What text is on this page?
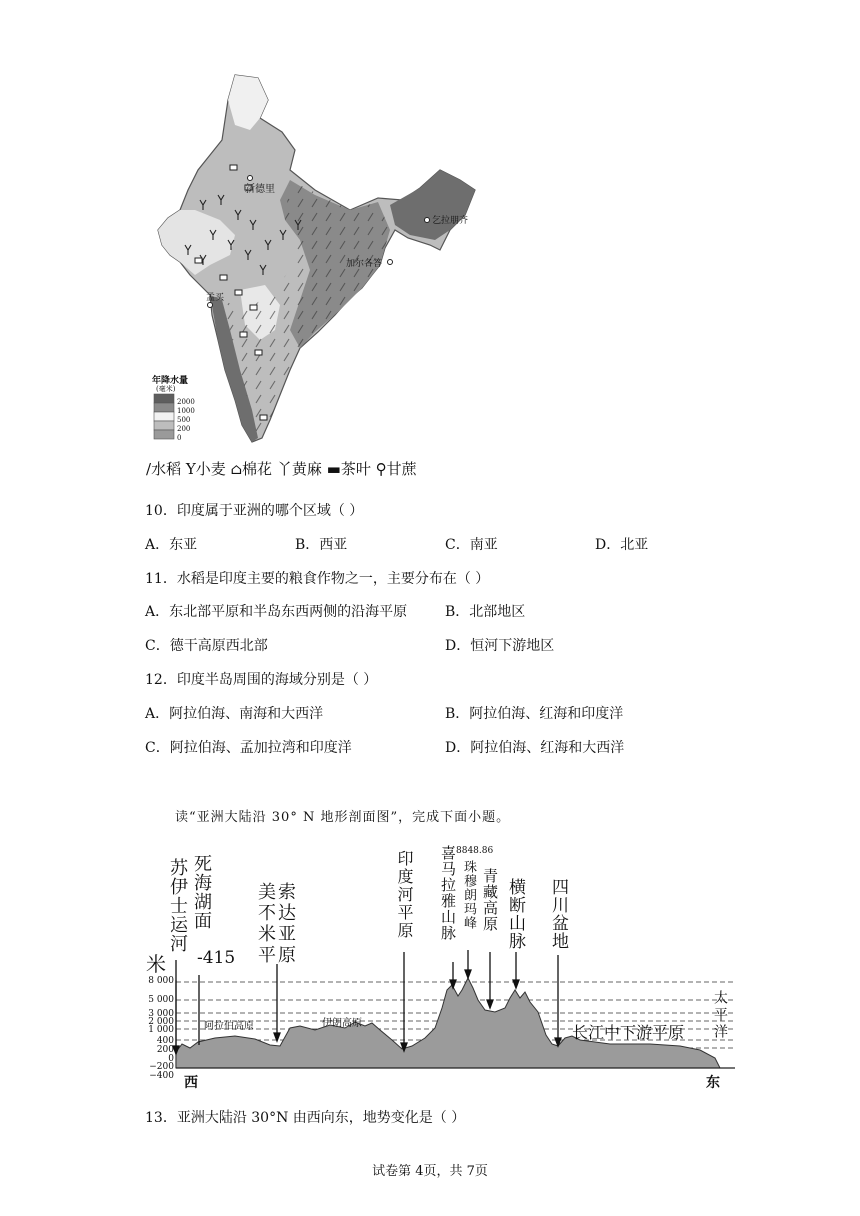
新德里
乞拉朋齐
加尔各答
孟买
年降水量
(毫米)
2000
1000
500
200
0
/水稻 Y小麦 ⌂棉花 丫黄麻 ▬茶叶 ⚲甘蔗
10．印度属于亚洲的哪个区域（ ）
A．东亚	B．西亚	C．南亚	D．北亚
11．水稻是印度主要的粮食作物之一，主要分布在（ ）
A．东北部平原和半岛东西两侧的沿海平原	B．北部地区
C．德干高原西北部	D．恒河下游地区
12．印度半岛周围的海域分别是（ ）
A．阿拉伯海、南海和大西洋	B．阿拉伯海、红海和印度洋
C．阿拉伯海、孟加拉湾和印度洋	D．阿拉伯海、红海和大西洋
读“亚洲大陆沿 30° N 地形剖面图”，完成下面小题。
8 000
5 000
3 000
2 000
1 000
400
200
0
−200
−400
米
苏伊士运河 死海湖面
-415
美索不达米亚平原
印度河平原 喜马拉雅山脉 8848.86
珠穆朗玛峰 青藏高原 横断山脉 四川盆地
阿拉伯高原	伊朗高原	长江中下游平原 太平洋
西	东
13．亚洲大陆沿 30°N 由西向东，地势变化是（ ）
试卷第 4页，共 7页
